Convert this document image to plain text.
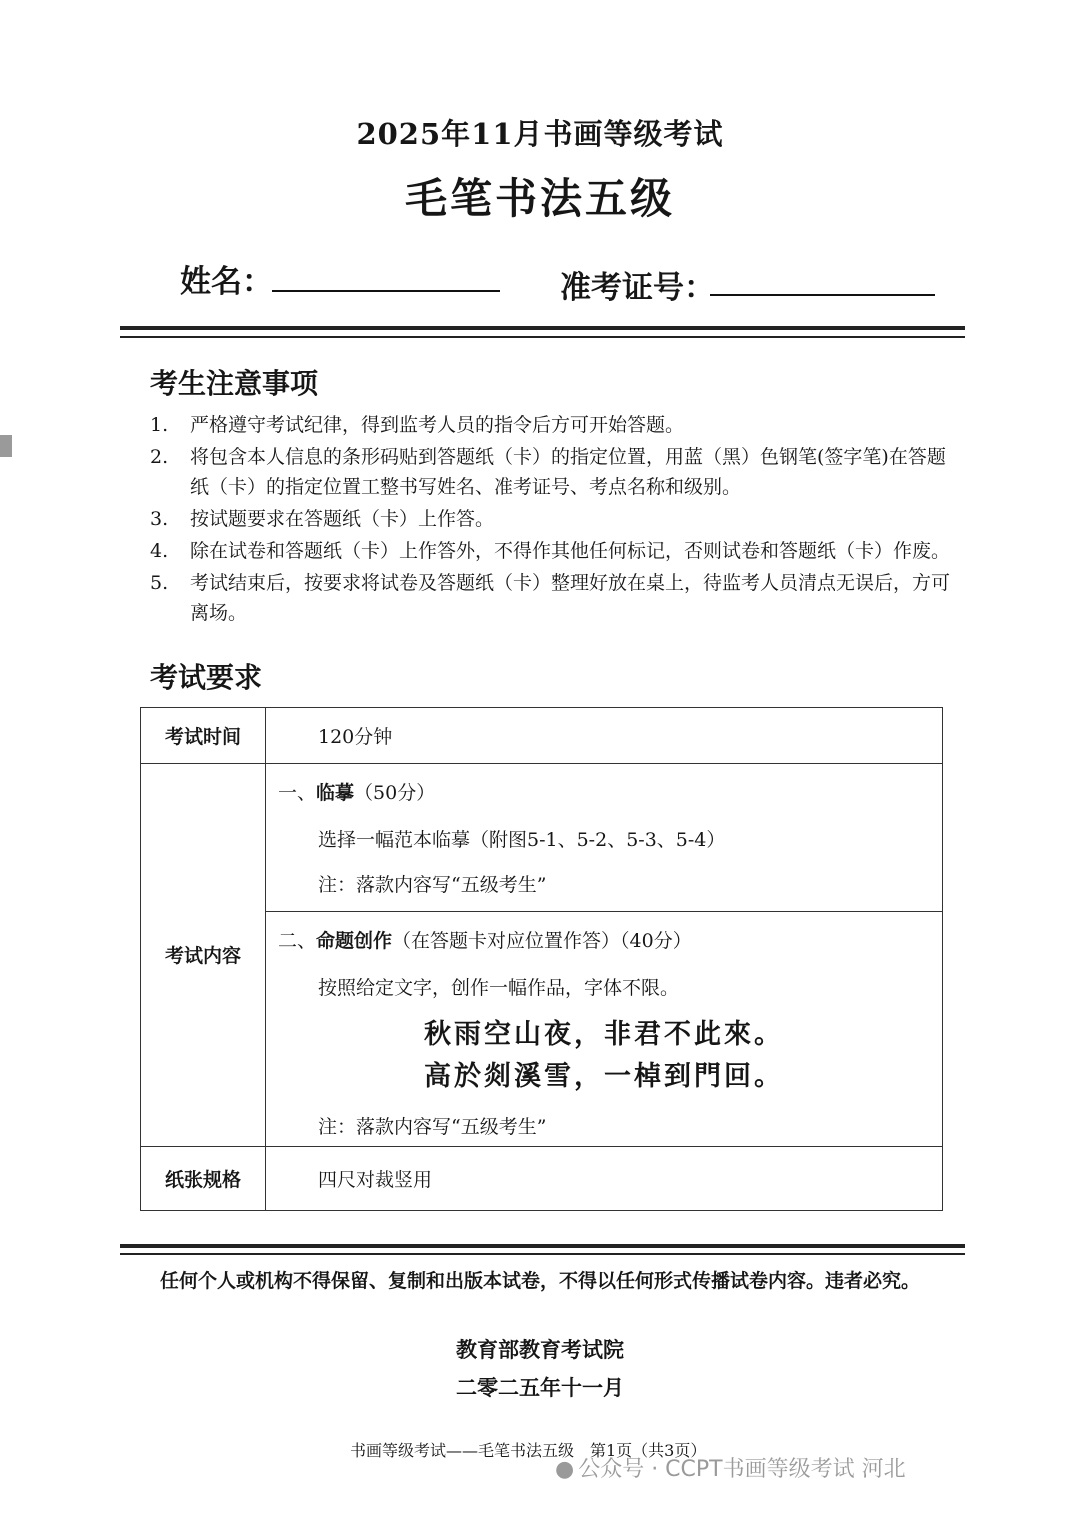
2025年11月书画等级考试
毛笔书法五级
姓名：	准考证号：
考生注意事项
1. 严格遵守考试纪律，得到监考人员的指令后方可开始答题。
2. 将包含本人信息的条形码贴到答题纸（卡）的指定位置，用蓝（黑）色钢笔(签字笔)在答题纸（卡）的指定位置工整书写姓名、准考证号、考点名称和级别。
3. 按试题要求在答题纸（卡）上作答。
4. 除在试卷和答题纸（卡）上作答外，不得作其他任何标记，否则试卷和答题纸（卡）作废。
5. 考试结束后，按要求将试卷及答题纸（卡）整理好放在桌上，待监考人员清点无误后，方可离场。
考试要求
考试时间	120分钟
考试内容	一、临摹（50分）
选择一幅范本临摹（附图5-1、5-2、5-3、5-4）
注：落款内容写“五级考生”

	二、命题创作（在答题卡对应位置作答）（40分）
按照给定文字，创作一幅作品，字体不限。
秋雨空山夜，非君不此來。
高於剡溪雪，一棹到門回。
注：落款内容写“五级考生”

纸张规格	四尺对裁竖用
任何个人或机构不得保留、复制和出版本试卷，不得以任何形式传播试卷内容。违者必究。
教育部教育考试院
二零二五年十一月
书画等级考试——毛笔书法五级　第1页（共3页）
● 公众号 · CCPT书画等级考试 河北
